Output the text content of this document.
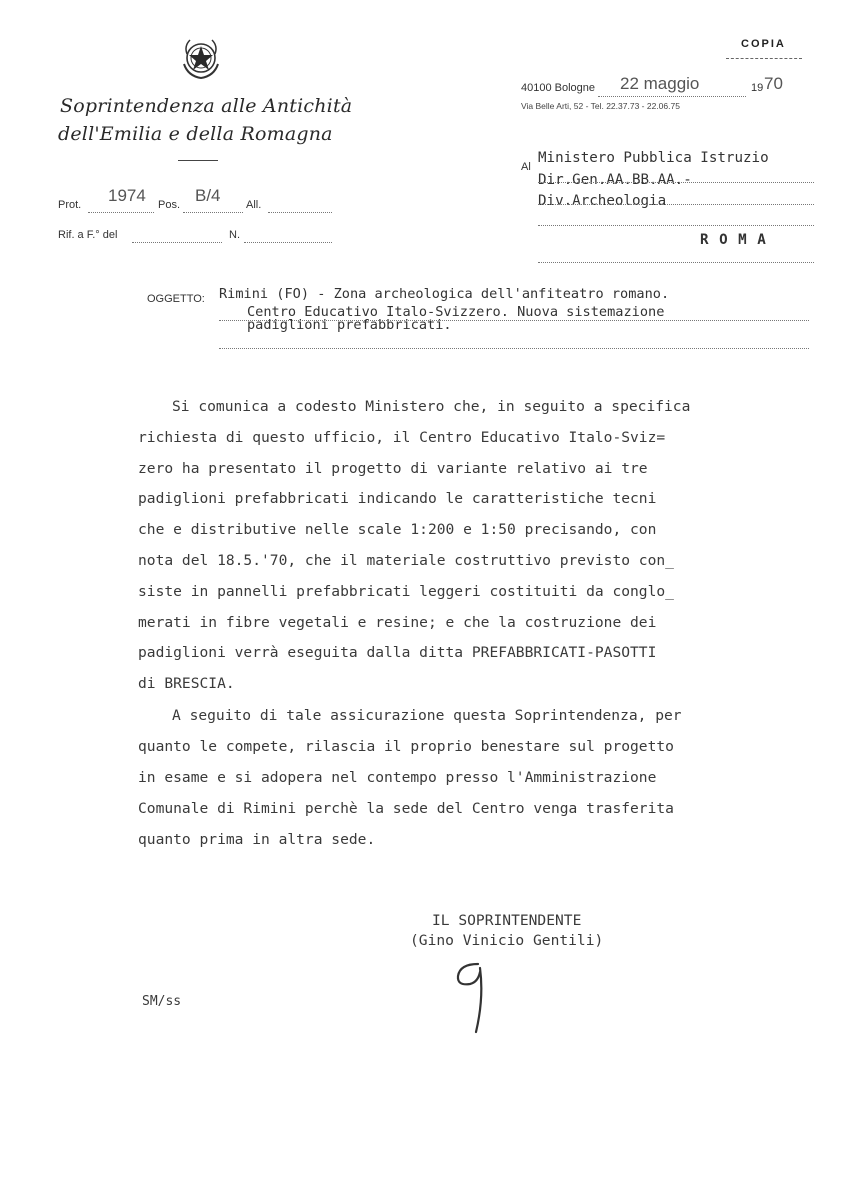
COPIA
Soprintendenza alle Antichità
dell'Emilia e della Romagna
40100 Bologne 22 maggio	19 70
Via Belle Arti, 52 - Tel. 22.37.73 - 22.06.75
Prot. 1974 Pos. B/4 All.
Rif. a F.° del	N.
Al
Ministero Pubblica Istruzio
Dir.Gen.AA.BB.AA.-
Div.Archeologia
R O M A
OGGETTO: Rimini (FO) - Zona archeologica dell'anfiteatro romano.
Centro Educativo Italo-Svizzero. Nuova sistemazione
padiglioni prefabbricati.
Si comunica a codesto Ministero che, in seguito a specifica
richiesta di questo ufficio, il Centro Educativo Italo-Sviz=
zero ha presentato il progetto di variante relativo ai tre
padiglioni prefabbricati indicando le caratteristiche tecni
che e distributive nelle scale 1:200 e 1:50 precisando, con
nota del 18.5.'70, che il materiale costruttivo previsto con_
siste in pannelli prefabbricati leggeri costituiti da conglo_
merati in fibre vegetali e resine; e che la costruzione dei
padiglioni verrà eseguita dalla ditta PREFABBRICATI-PASOTTI
di BRESCIA.
A seguito di tale assicurazione questa Soprintendenza, per
quanto le compete, rilascia il proprio benestare sul progetto
in esame e si adopera nel contempo presso l'Amministrazione
Comunale di Rimini perchè la sede del Centro venga trasferita
quanto prima in altra sede.
IL SOPRINTENDENTE
(Gino Vinicio Gentili)
SM/ss
